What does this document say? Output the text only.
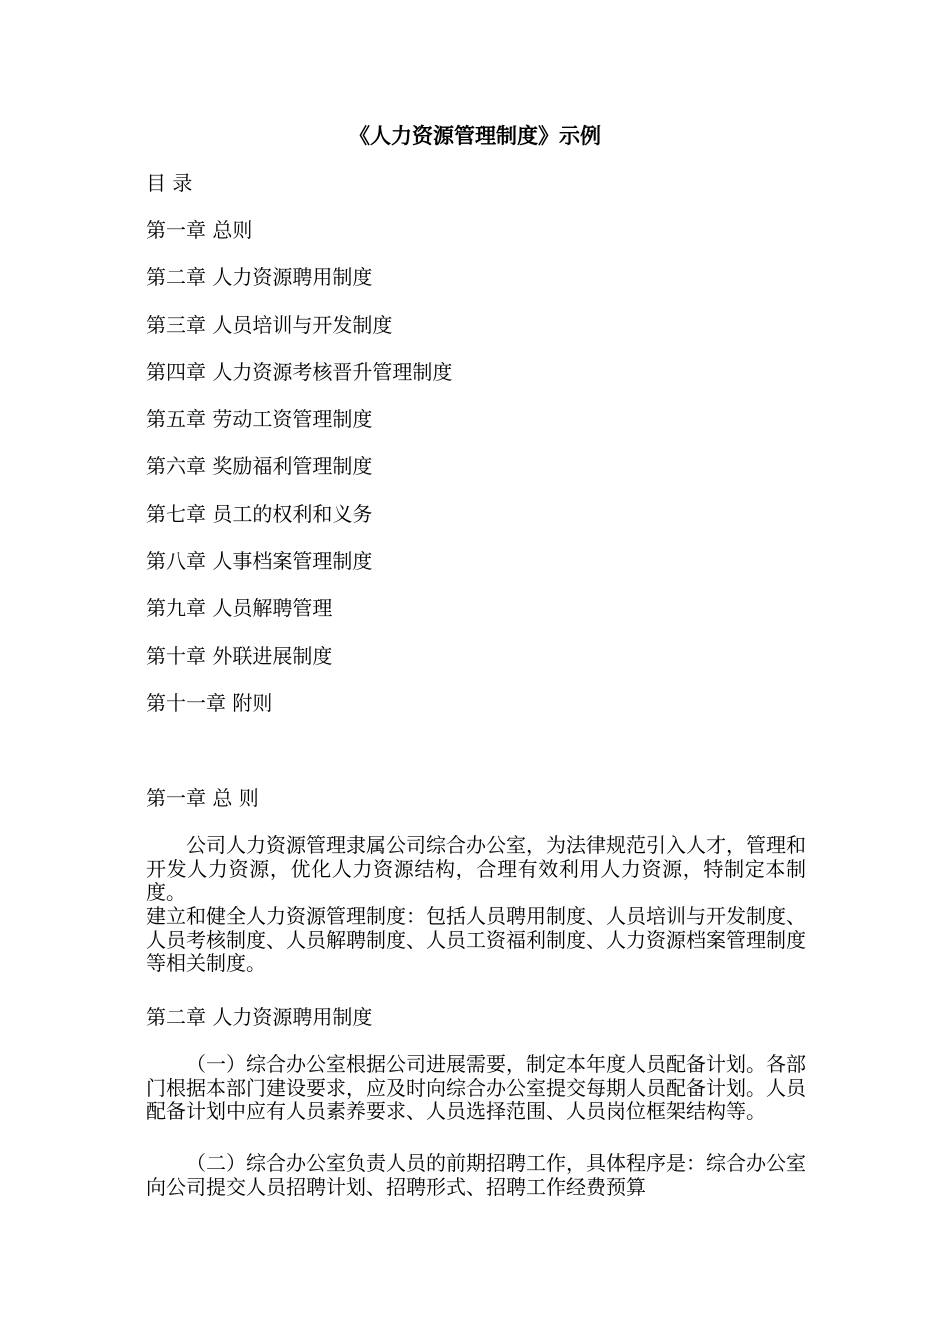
《人力资源管理制度》示例
目 录
第一章 总则
第二章 人力资源聘用制度
第三章 人员培训与开发制度
第四章 人力资源考核晋升管理制度
第五章 劳动工资管理制度
第六章 奖励福利管理制度
第七章 员工的权利和义务
第八章 人事档案管理制度
第九章 人员解聘管理
第十章 外联进展制度
第十一章 附则
第一章 总 则
公司人力资源管理隶属公司综合办公室，为法律规范引入人才，管理和开发人力资源，优化人力资源结构，合理有效利用人力资源，特制定本制度。
建立和健全人力资源管理制度：包括人员聘用制度、人员培训与开发制度、人员考核制度、人员解聘制度、人员工资福利制度、人力资源档案管理制度等相关制度。
第二章 人力资源聘用制度
（一）综合办公室根据公司进展需要，制定本年度人员配备计划。各部门根据本部门建设要求，应及时向综合办公室提交每期人员配备计划。人员配备计划中应有人员素养要求、人员选择范围、人员岗位框架结构等。
（二）综合办公室负责人员的前期招聘工作，具体程序是：综合办公室向公司提交人员招聘计划、招聘形式、招聘工作经费预算
